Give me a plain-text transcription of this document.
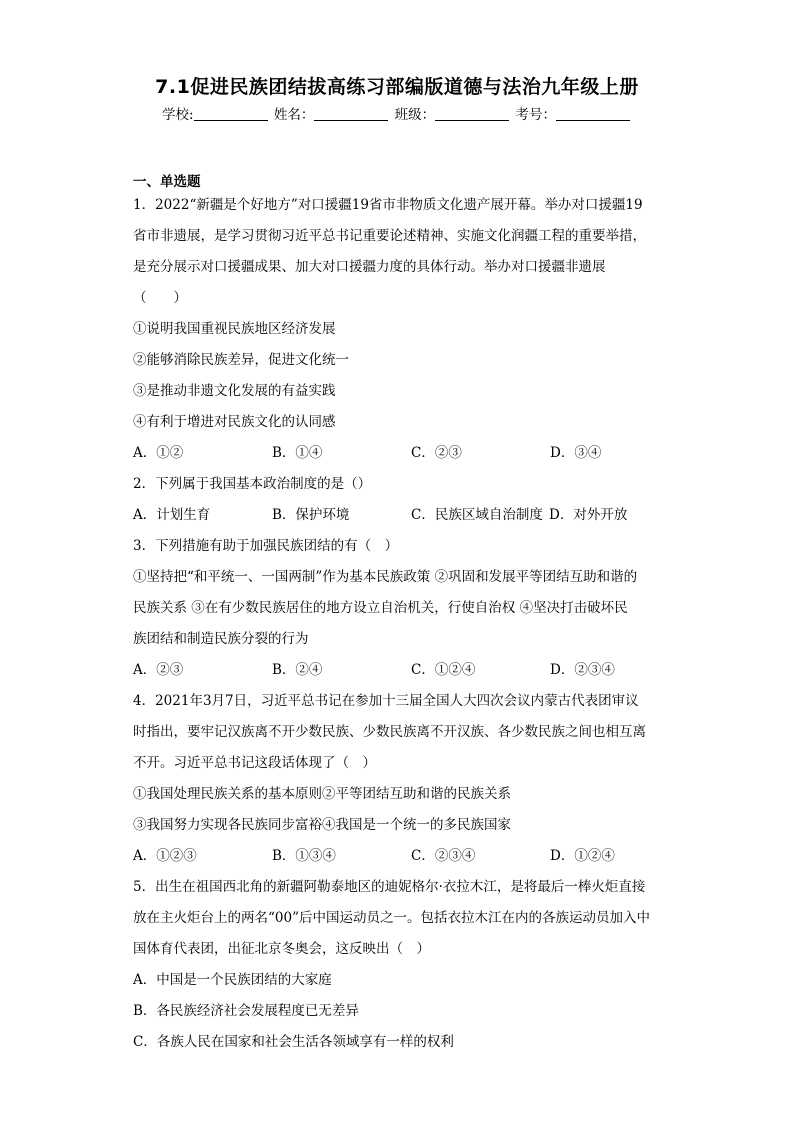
7.1促进民族团结拔高练习部编版道德与法治九年级上册
学校:	姓名：	班级：	考号：
一、单选题
1．2022“新疆是个好地方”对口援疆19省市非物质文化遗产展开幕。举办对口援疆19
省市非遗展，是学习贯彻习近平总书记重要论述精神、实施文化润疆工程的重要举措，
是充分展示对口援疆成果、加大对口援疆力度的具体行动。举办对口援疆非遗展
（　　）
①说明我国重视民族地区经济发展
②能够消除民族差异，促进文化统一
③是推动非遗文化发展的有益实践
④有利于增进对民族文化的认同感
A．①②	B．①④	C．②③	D．③④
2．下列属于我国基本政治制度的是（）
A．计划生育	B．保护环境	C．民族区域自治制度 D．对外开放
3．下列措施有助于加强民族团结的有（　）
①坚持把“和平统一、一国两制”作为基本民族政策 ②巩固和发展平等团结互助和谐的
民族关系 ③在有少数民族居住的地方设立自治机关，行使自治权 ④坚决打击破坏民
族团结和制造民族分裂的行为
A．②③	B．②④	C．①②④	D．②③④
4．2021年3月7日，习近平总书记在参加十三届全国人大四次会议内蒙古代表团审议
时指出，要牢记汉族离不开少数民族、少数民族离不开汉族、各少数民族之间也相互离
不开。习近平总书记这段话体现了（　）
①我国处理民族关系的基本原则②平等团结互助和谐的民族关系
③我国努力实现各民族同步富裕④我国是一个统一的多民族国家
A．①②③	B．①③④	C．②③④	D．①②④
5．出生在祖国西北角的新疆阿勒泰地区的迪妮格尔·衣拉木江，是将最后一棒火炬直接
放在主火炬台上的两名“00”后中国运动员之一。包括衣拉木江在内的各族运动员加入中
国体育代表团，出征北京冬奥会，这反映出（　）
A．中国是一个民族团结的大家庭
B．各民族经济社会发展程度已无差异
C．各族人民在国家和社会生活各领域享有一样的权利
